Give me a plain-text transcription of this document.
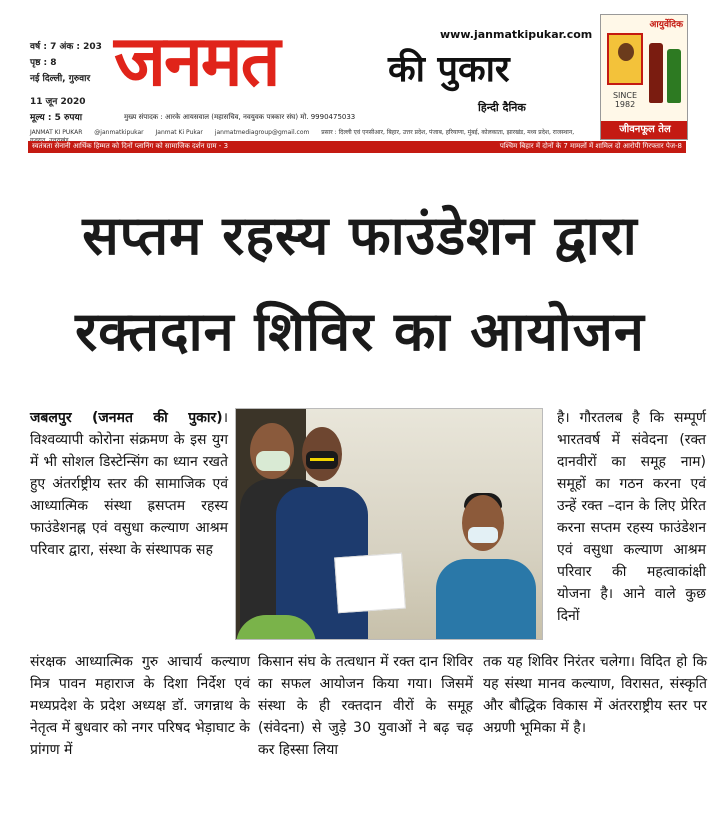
वर्ष : 7 अंक : 203
पृष्ठ : 8
नई दिल्ली, गुरुवार
11 जून 2020
मूल्य : 5 रुपया
जनमत	की पुकार
www.janmatkipukar.com
हिन्दी दैनिक
मुख्य संपादक : आरके आयसवाल (महासचिव, नवयुवक पत्रकार संघ) मो. 9990475033
JANMAT KI PUKAR @janmatkipukar Janmat Ki Pukar janmatmediagroup@gmail.com प्रसार : दिल्ली एवं एनसीआर, बिहार, उत्तर प्रदेश, पंजाब, हरियाणा, मुंबई, कोलकाता, झारखंड, मध्य प्रदेश, राजस्थान,
स्वतंत्रता सेनानी आर्थिक हिम्मत को दिनों प्लानिंग को सामाजिक दर्शन ग्राम - 3	पश्चिम बिहार में दोनों के 7 मामलों में शामिल दो आरोपी गिरफ्तार पेज-8
आयुर्वेदिक
SINCE 1982
जीवनफूल तेल
सप्तम रहस्य फाउंडेशन द्वारा
रक्तदान शिविर का आयोजन

जबलपुर (जनमत की पुकार)। विश्वव्यापी कोरोना संक्रमण के इस युग में भी सोशल डिस्टेन्सिंग का ध्यान रखते हुए अंतर्राष्ट्रीय स्तर की सामाजिक एवं आध्यात्मिक संस्था ह्रसप्तम रहस्य फाउंडेशनह्न एवं वसुधा कल्याण आश्रम परिवार द्वारा, संस्था के संस्थापक सह

है। गौरतलब है कि सम्पूर्ण भारतवर्ष में संवेदना (रक्त दानवीरों का समूह नाम) समूहों का गठन करना एवं उन्हें रक्त –दान के लिए प्रेरित करना सप्तम रहस्य फाउंडेशन एवं वसुधा कल्याण आश्रम परिवार की महत्वाकांक्षी योजना है। आने वाले कुछ दिनों

संरक्षक आध्यात्मिक गुरु आचार्य कल्याण मित्र पावन महाराज के दिशा निर्देश एवं मध्यप्रदेश के प्रदेश अध्यक्ष डॉ. जगन्नाथ के नेतृत्व में बुधवार को नगर परिषद भेड़ाघाट के प्रांगण में

किसान संघ के तत्वधान में रक्त दान शिविर का सफल आयोजन किया गया। जिसमें संस्था के ही रक्तदान वीरों के समूह (संवेदना) से जुड़े 30 युवाओं ने बढ़ चढ़ कर हिस्सा लिया

तक यह शिविर निरंतर चलेगा। विदित हो कि यह संस्था मानव कल्याण, विरासत, संस्कृति और बौद्धिक विकास में अंतरराष्ट्रीय स्तर पर अग्रणी भूमिका में है।
